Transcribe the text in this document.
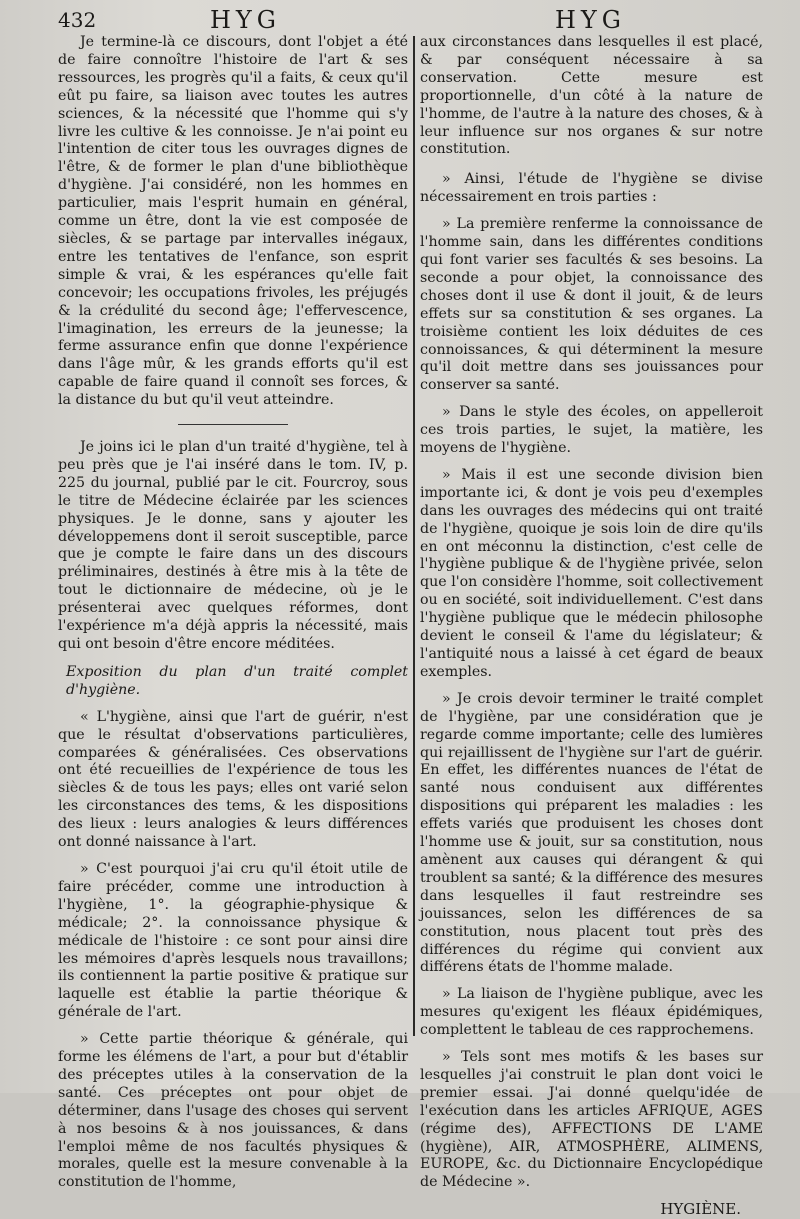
432	HYG	HYG

Je termine-là ce discours, dont l'objet a été de faire connoître l'histoire de l'art & ses ressources, les progrès qu'il a faits, & ceux qu'il eût pu faire, sa liaison avec toutes les autres sciences, & la nécessité que l'homme qui s'y livre les cultive & les connoisse. Je n'ai point eu l'intention de citer tous les ouvrages dignes de l'être, & de former le plan d'une bibliothèque d'hygiène. J'ai considéré, non les hommes en particulier, mais l'esprit humain en général, comme un être, dont la vie est composée de siècles, & se partage par intervalles inégaux, entre les tentatives de l'enfance, son esprit simple & vrai, & les espérances qu'elle fait concevoir; les occupations frivoles, les préjugés & la crédulité du second âge; l'effervescence, l'imagination, les erreurs de la jeunesse; la ferme assurance enfin que donne l'expérience dans l'âge mûr, & les grands efforts qu'il est capable de faire quand il connoît ses forces, & la distance du but qu'il veut atteindre.

Je joins ici le plan d'un traité d'hygiène, tel à peu près que je l'ai inséré dans le tom. IV, p. 225 du journal, publié par le cit. Fourcroy, sous le titre de Médecine éclairée par les sciences physiques. Je le donne, sans y ajouter les développemens dont il seroit susceptible, parce que je compte le faire dans un des discours préliminaires, destinés à être mis à la tête de tout le dictionnaire de médecine, où je le présenterai avec quelques réformes, dont l'expérience m'a déjà appris la nécessité, mais qui ont besoin d'être encore méditées.

Exposition du plan d'un traité complet d'hygiène.

« L'hygiène, ainsi que l'art de guérir, n'est que le résultat d'observations particulières, comparées & généralisées. Ces observations ont été recueillies de l'expérience de tous les siècles & de tous les pays; elles ont varié selon les circonstances des tems, & les dispositions des lieux : leurs analogies & leurs différences ont donné naissance à l'art.

» C'est pourquoi j'ai cru qu'il étoit utile de faire précéder, comme une introduction à l'hygiène, 1°. la géographie-physique & médicale; 2°. la connoissance physique & médicale de l'histoire : ce sont pour ainsi dire les mémoires d'après lesquels nous travaillons; ils contiennent la partie positive & pratique sur laquelle est établie la partie théorique & générale de l'art.

» Cette partie théorique & générale, qui forme les élémens de l'art, a pour but d'établir des préceptes utiles à la conservation de la santé. Ces préceptes ont pour objet de déterminer, dans l'usage des choses qui servent à nos besoins & à nos jouissances, & dans l'emploi même de nos facultés physiques & morales, quelle est la mesure convenable à la constitution de l'homme,

aux circonstances dans lesquelles il est placé, & par conséquent nécessaire à sa conservation. Cette mesure est proportionnelle, d'un côté à la nature de l'homme, de l'autre à la nature des choses, & à leur influence sur nos organes & sur notre constitution.

» Ainsi, l'étude de l'hygiène se divise nécessairement en trois parties :

» La première renferme la connoissance de l'homme sain, dans les différentes conditions qui font varier ses facultés & ses besoins. La seconde a pour objet, la connoissance des choses dont il use & dont il jouit, & de leurs effets sur sa constitution & ses organes. La troisième contient les loix déduites de ces connoissances, & qui déterminent la mesure qu'il doit mettre dans ses jouissances pour conserver sa santé.

» Dans le style des écoles, on appelleroit ces trois parties, le sujet, la matière, les moyens de l'hygiène.

» Mais il est une seconde division bien importante ici, & dont je vois peu d'exemples dans les ouvrages des médecins qui ont traité de l'hygiène, quoique je sois loin de dire qu'ils en ont méconnu la distinction, c'est celle de l'hygiène publique & de l'hygiène privée, selon que l'on considère l'homme, soit collectivement ou en société, soit individuellement. C'est dans l'hygiène publique que le médecin philosophe devient le conseil & l'ame du législateur; & l'antiquité nous a laissé à cet égard de beaux exemples.

» Je crois devoir terminer le traité complet de l'hygiène, par une considération que je regarde comme importante; celle des lumières qui rejaillissent de l'hygiène sur l'art de guérir. En effet, les différentes nuances de l'état de santé nous conduisent aux différentes dispositions qui préparent les maladies : les effets variés que produisent les choses dont l'homme use & jouit, sur sa constitution, nous amènent aux causes qui dérangent & qui troublent sa santé; & la différence des mesures dans lesquelles il faut restreindre ses jouissances, selon les différences de sa constitution, nous placent tout près des différences du régime qui convient aux différens états de l'homme malade.

» La liaison de l'hygiène publique, avec les mesures qu'exigent les fléaux épidémiques, complettent le tableau de ces rapprochemens.

» Tels sont mes motifs & les bases sur lesquelles j'ai construit le plan dont voici le premier essai. J'ai donné quelqu'idée de l'exécution dans les articles AFRIQUE, AGES (régime des), AFFECTIONS DE L'AME (hygiène), AIR, ATMOSPHÈRE, ALIMENS, EUROPE, &c. du Dictionnaire Encyclopédique de Médecine ».

HYGIÈNE.
